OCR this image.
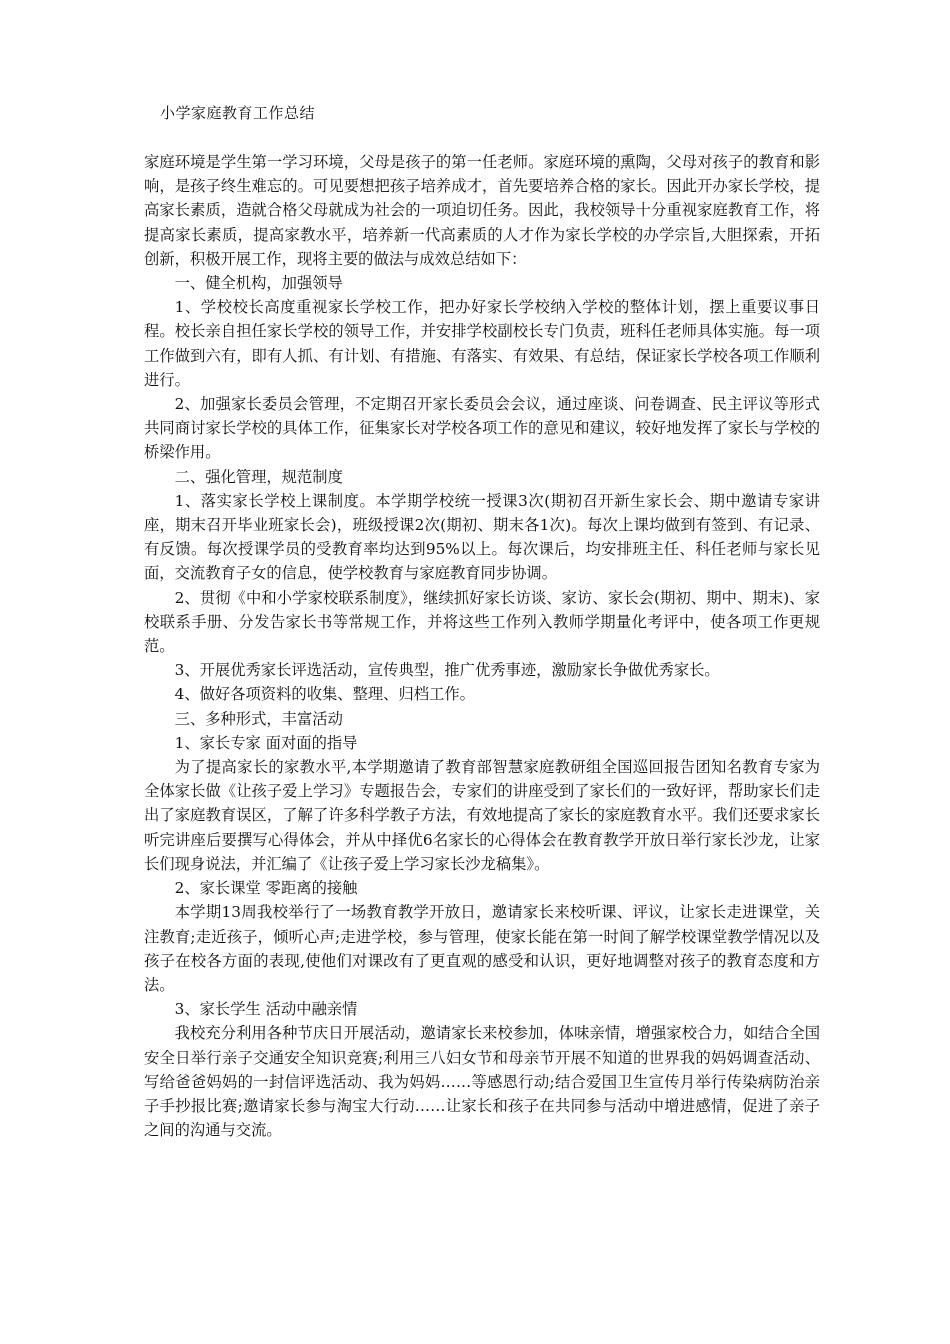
小学家庭教育工作总结

家庭环境是学生第一学习环境，父母是孩子的第一任老师。家庭环境的熏陶，父母对孩子的教育和影响，是孩子终生难忘的。可见要想把孩子培养成才，首先要培养合格的家长。因此开办家长学校，提高家长素质，造就合格父母就成为社会的一项迫切任务。因此，我校领导十分重视家庭教育工作，将提高家长素质，提高家教水平，培养新一代高素质的人才作为家长学校的办学宗旨,大胆探索，开拓创新，积极开展工作，现将主要的做法与成效总结如下：

一、健全机构，加强领导

1、学校校长高度重视家长学校工作，把办好家长学校纳入学校的整体计划，摆上重要议事日程。校长亲自担任家长学校的领导工作，并安排学校副校长专门负责，班科任老师具体实施。每一项工作做到六有，即有人抓、有计划、有措施、有落实、有效果、有总结，保证家长学校各项工作顺利进行。

2、加强家长委员会管理，不定期召开家长委员会会议，通过座谈、问卷调查、民主评议等形式共同商讨家长学校的具体工作，征集家长对学校各项工作的意见和建议，较好地发挥了家长与学校的桥梁作用。

二、强化管理，规范制度

1、落实家长学校上课制度。本学期学校统一授课3次(期初召开新生家长会、期中邀请专家讲座，期末召开毕业班家长会)，班级授课2次(期初、期末各1次)。每次上课均做到有签到、有记录、有反馈。每次授课学员的受教育率均达到95%以上。每次课后，均安排班主任、科任老师与家长见面，交流教育子女的信息，使学校教育与家庭教育同步协调。

2、贯彻《中和小学家校联系制度》，继续抓好家长访谈、家访、家长会(期初、期中、期末)、家校联系手册、分发告家长书等常规工作，并将这些工作列入教师学期量化考评中，使各项工作更规范。

3、开展优秀家长评选活动，宣传典型，推广优秀事迹，激励家长争做优秀家长。

4、做好各项资料的收集、整理、归档工作。

三、多种形式，丰富活动

1、家长专家 面对面的指导

为了提高家长的家教水平,本学期邀请了教育部智慧家庭教研组全国巡回报告团知名教育专家为全体家长做《让孩子爱上学习》专题报告会，专家们的讲座受到了家长们的一致好评，帮助家长们走出了家庭教育误区，了解了许多科学教子方法，有效地提高了家长的家庭教育水平。我们还要求家长听完讲座后要撰写心得体会，并从中择优6名家长的心得体会在教育教学开放日举行家长沙龙，让家长们现身说法，并汇编了《让孩子爱上学习家长沙龙稿集》。

2、家长课堂 零距离的接触

本学期13周我校举行了一场教育教学开放日，邀请家长来校听课、评议，让家长走进课堂，关注教育;走近孩子，倾听心声;走进学校，参与管理，使家长能在第一时间了解学校课堂教学情况以及孩子在校各方面的表现,使他们对课改有了更直观的感受和认识，更好地调整对孩子的教育态度和方法。

3、家长学生 活动中融亲情

我校充分利用各种节庆日开展活动，邀请家长来校参加，体味亲情，增强家校合力，如结合全国安全日举行亲子交通安全知识竞赛;利用三八妇女节和母亲节开展不知道的世界我的妈妈调查活动、写给爸爸妈妈的一封信评选活动、我为妈妈……等感恩行动;结合爱国卫生宣传月举行传染病防治亲子手抄报比赛;邀请家长参与淘宝大行动……让家长和孩子在共同参与活动中增进感情，促进了亲子之间的沟通与交流。
